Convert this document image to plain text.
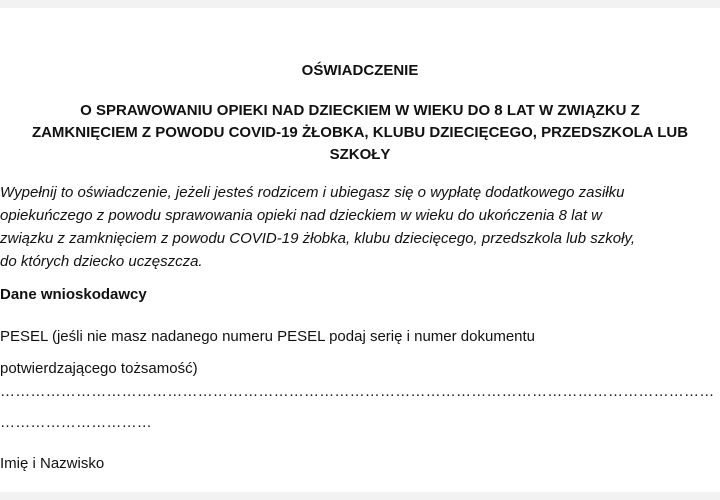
OŚWIADCZENIE

O SPRAWOWANIU OPIEKI NAD DZIECKIEM W WIEKU DO 8 LAT W ZWIĄZKU Z
ZAMKNIĘCIEM Z POWODU COVID-19 ŻŁOBKA, KLUBU DZIECIĘCEGO, PRZEDSZKOLA LUB
SZKOŁY

Wypełnij to oświadczenie, jeżeli jesteś rodzicem i ubiegasz się o wypłatę dodatkowego zasiłku
opiekuńczego z powodu sprawowania opieki nad dzieckiem w wieku do ukończenia 8 lat w
związku z zamknięciem z powodu COVID-19 żłobka, klubu dziecięcego, przedszkola lub szkoły,
do których dziecko uczęszcza.

Dane wnioskodawcy

PESEL (jeśli nie masz nadanego numeru PESEL podaj serię i numer dokumentu
potwierdzającego tożsamość)

……………………………………………………………………………………………………………………………

…………………………

Imię i Nazwisko
